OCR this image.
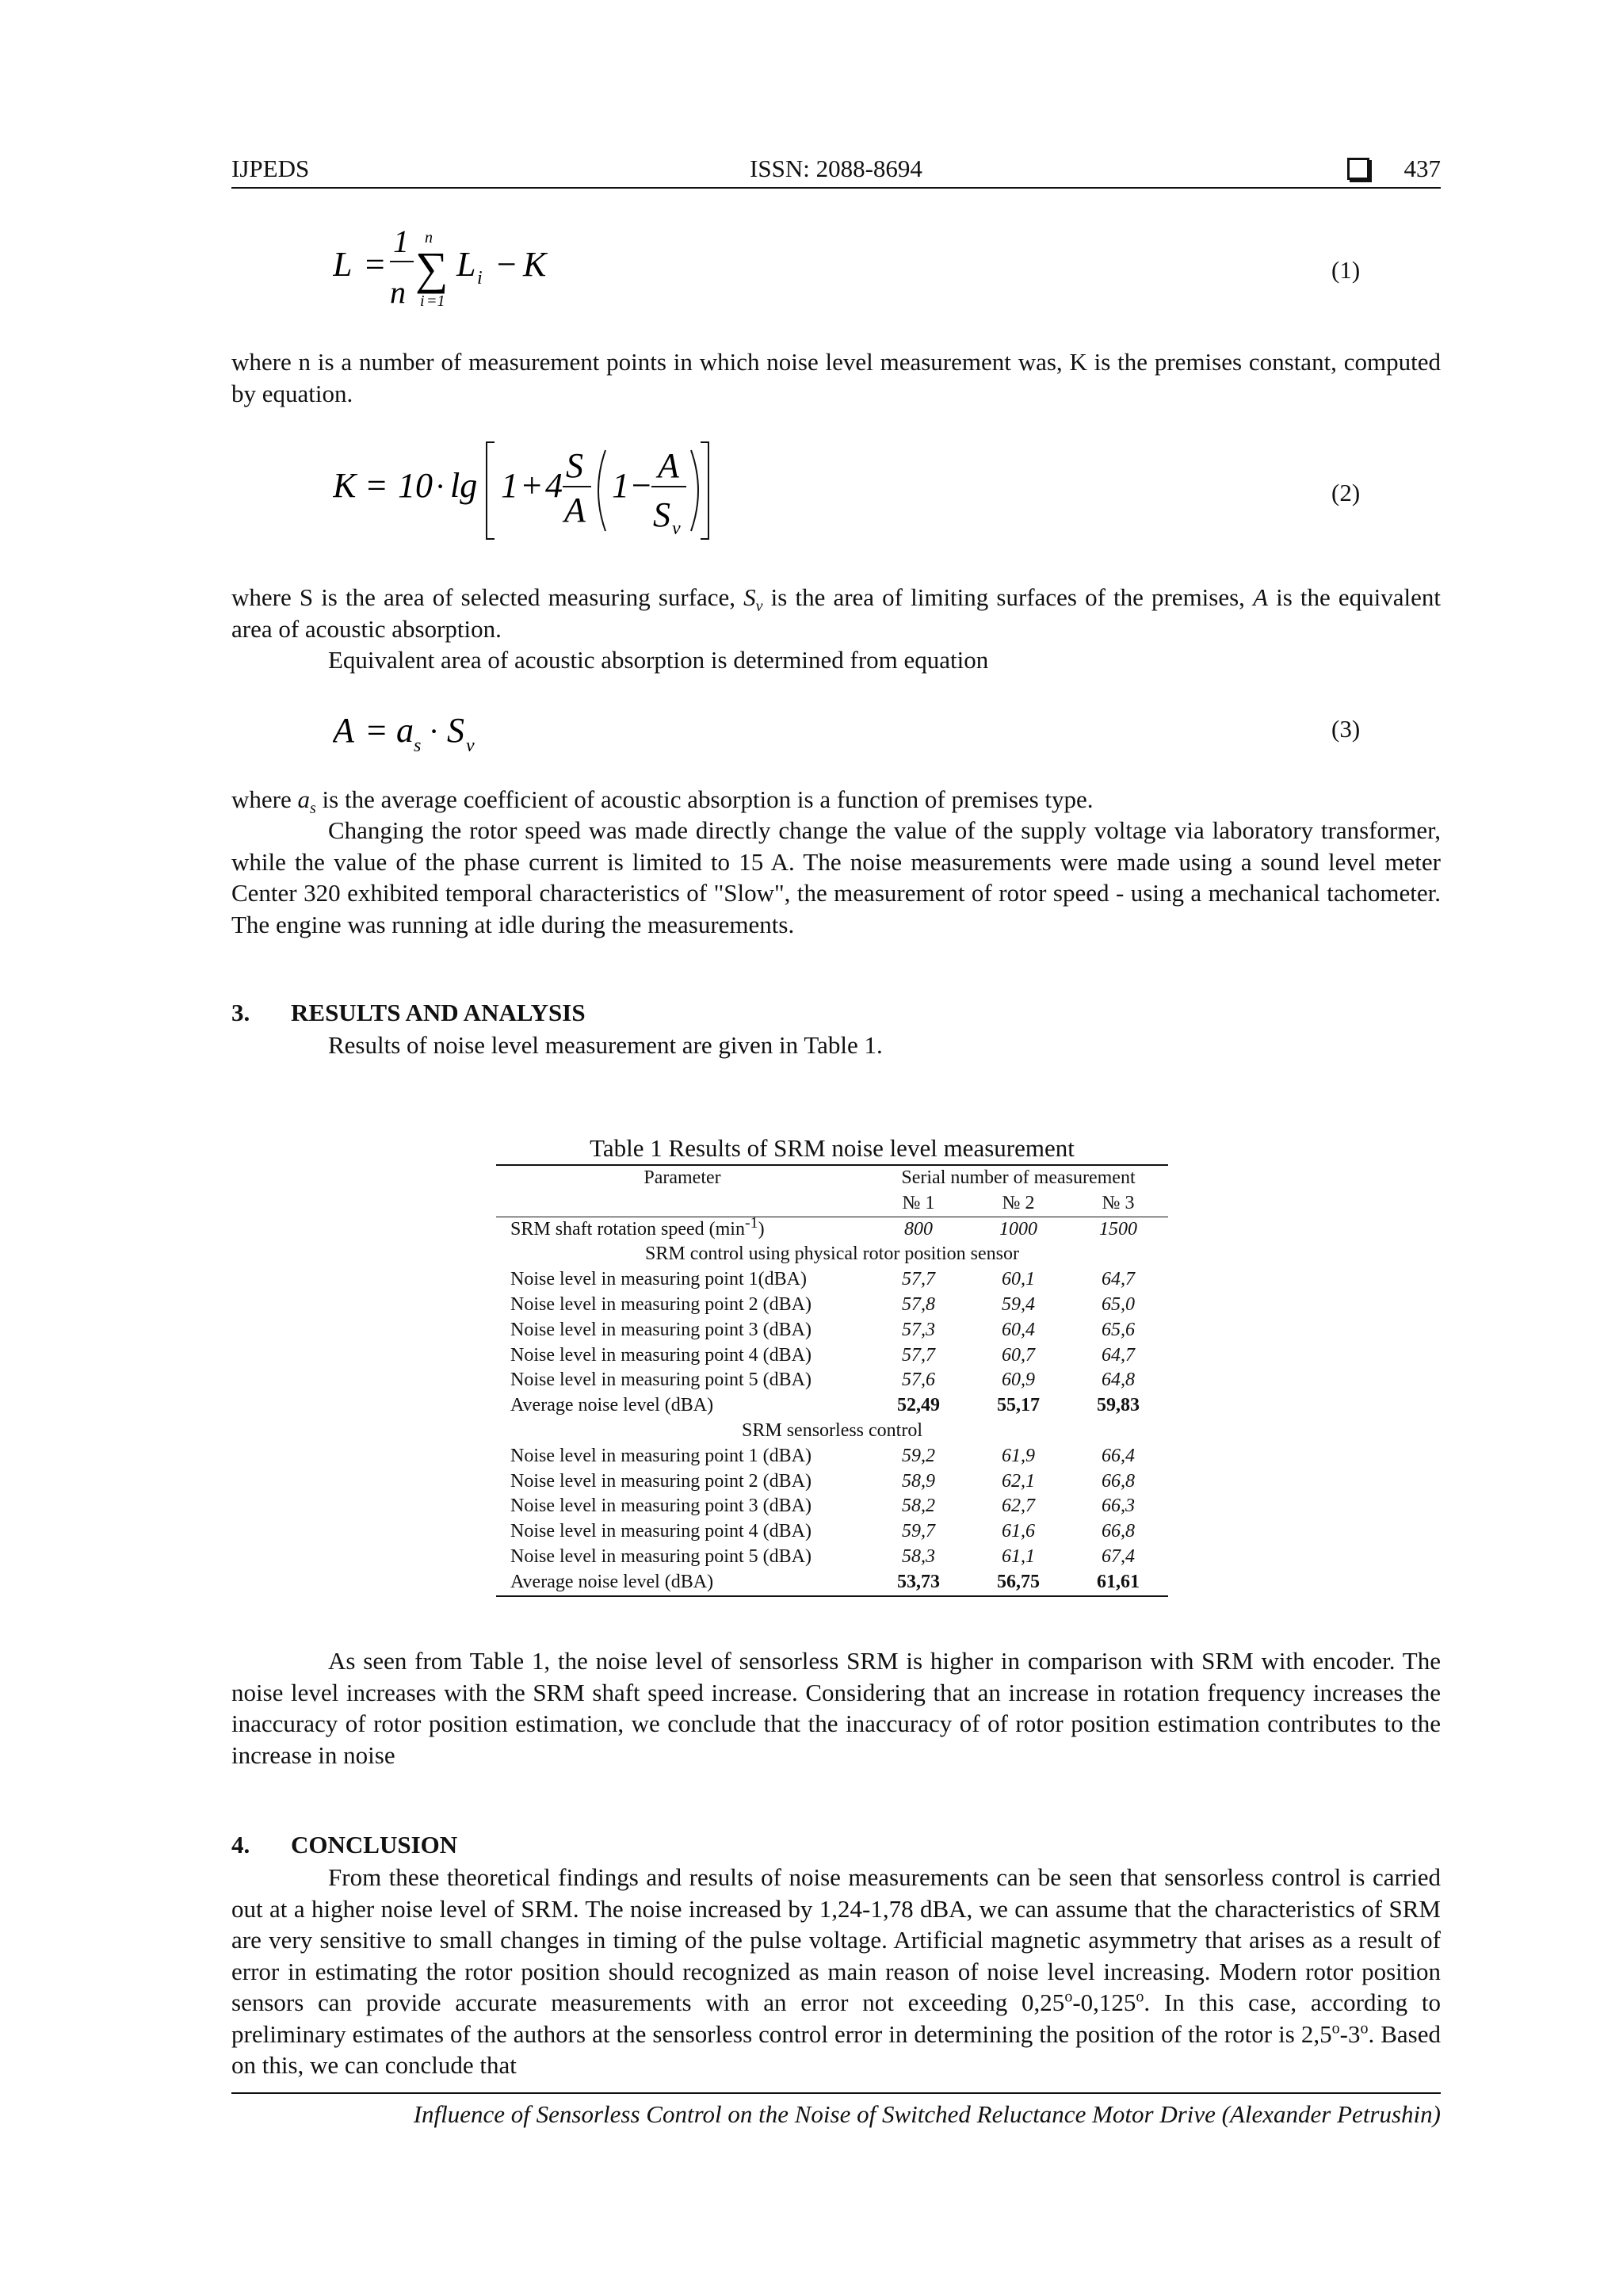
IJPEDS	ISSN: 2088-8694	437
L =
1
n
n
∑
i =1
L i − K	(1)
where n is a number of measurement points in which noise level measurement was, K is the premises constant, computed by equation.
K = 10 · lg 1 + 4
S
A
1 −
A
S v
(2)
where S is the area of selected measuring surface, $S_v$ is the area of limiting surfaces of the premises, A is the equivalent area of acoustic absorption.
Equivalent area of acoustic absorption is determined from equation
A = a s · S v
(3)
where $a_s$ is the average coefficient of acoustic absorption is a function of premises type.
Changing the rotor speed was made directly change the value of the supply voltage via laboratory transformer, while the value of the phase current is limited to 15 A. The noise measurements were made using a sound level meter Center 320 exhibited temporal characteristics of "Slow", the measurement of rotor speed - using a mechanical tachometer. The engine was running at idle during the measurements.
3. RESULTS AND ANALYSIS
Results of noise level measurement are given in Table 1.
Table 1 Results of SRM noise level measurement
Parameter	Serial number of measurement		
	№ 1	№ 2	№ 3
SRM shaft rotation speed $(\min^{-1})$	800	1000	1500
SRM control using physical rotor position sensor			
Noise level in measuring point 1(dBA)	57,7	60,1	64,7
Noise level in measuring point 2 (dBA)	57,8	59,4	65,0
Noise level in measuring point 3 (dBA)	57,3	60,4	65,6
Noise level in measuring point 4 (dBA)	57,7	60,7	64,7
Noise level in measuring point 5 (dBA)	57,6	60,9	64,8
Average noise level (dBA)	52,49	55,17	59,83
SRM sensorless control			
Noise level in measuring point 1 (dBA)	59,2	61,9	66,4
Noise level in measuring point 2 (dBA)	58,9	62,1	66,8
Noise level in measuring point 3 (dBA)	58,2	62,7	66,3
Noise level in measuring point 4 (dBA)	59,7	61,6	66,8
Noise level in measuring point 5 (dBA)	58,3	61,1	67,4
Average noise level (dBA)	53,73	56,75	61,61
As seen from Table 1, the noise level of sensorless SRM is higher in comparison with SRM with encoder. The noise level increases with the SRM shaft speed increase. Considering that an increase in rotation frequency increases the inaccuracy of rotor position estimation, we conclude that the inaccuracy of of rotor position estimation contributes to the increase in noise
4. CONCLUSION
From these theoretical findings and results of noise measurements can be seen that sensorless control is carried out at a higher noise level of SRM. The noise increased by 1,24-1,78 dBA, we can assume that the characteristics of SRM are very sensitive to small changes in timing of the pulse voltage. Artificial magnetic asymmetry that arises as a result of error in estimating the rotor position should recognized as main reason of noise level increasing. Modern rotor position sensors can provide accurate measurements with an error not exceeding 0,25$^o$-0,125$^o$. In this case, according to preliminary estimates of the authors at the sensorless control error in determining the position of the rotor is 2,5$^o$-3$^o$. Based on this, we can conclude that
Influence of Sensorless Control on the Noise of Switched Reluctance Motor Drive (Alexander Petrushin)
